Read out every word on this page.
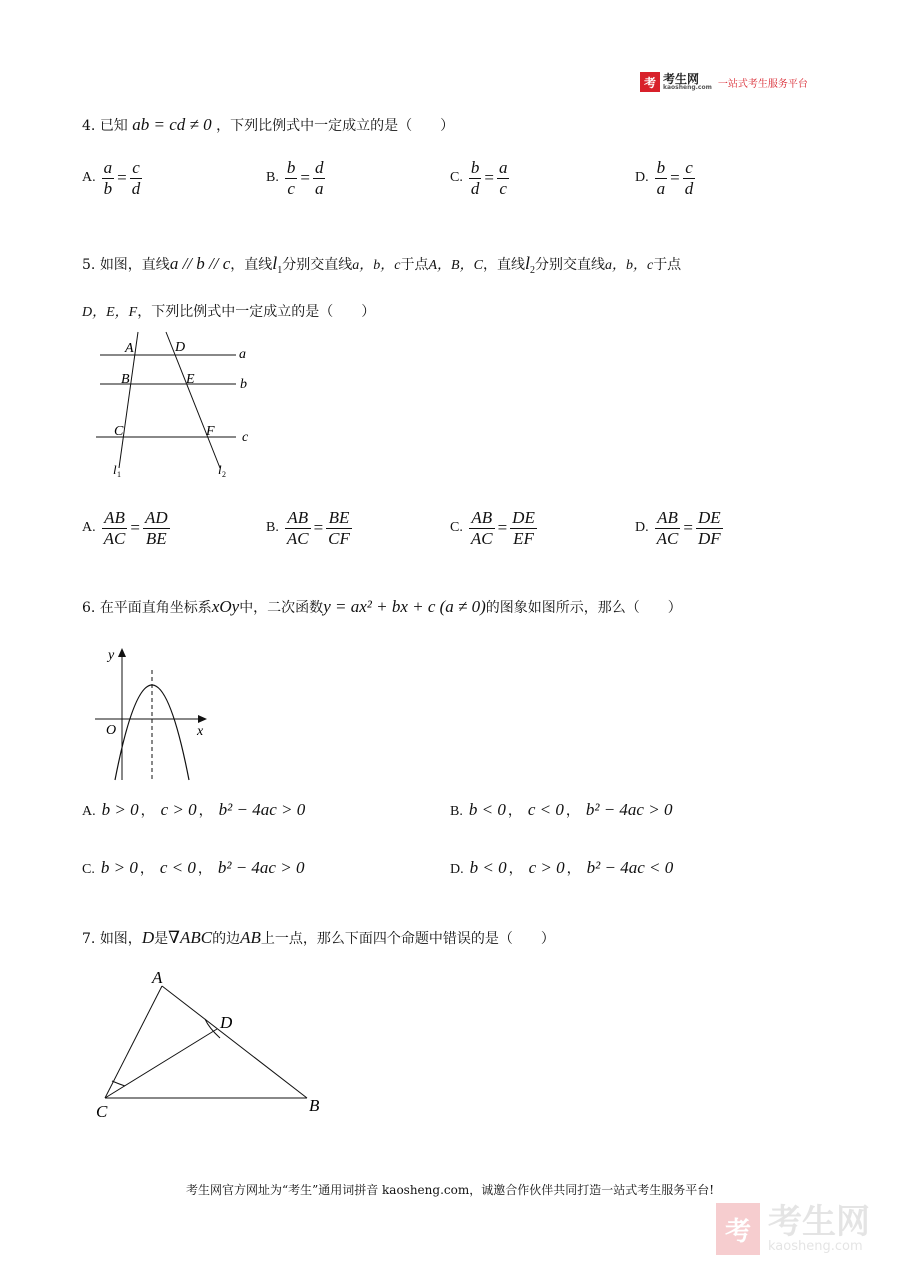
考 考生网
kaosheng.com 一站式考生服务平台
4. 已知 ab = cd ≠ 0 ，下列比例式中一定成立的是（　　）
A. $\frac{a}{b} = \frac{c}{d}$	B. $\frac{b}{c} = \frac{d}{a}$	C. $\frac{b}{d} = \frac{a}{c}$	D. $\frac{b}{a} = \frac{c}{d}$
5. 如图，直线a // b // c，直线$l_1$分别交直线a，b，c于点A，B，C，直线$l_2$分别交直线a，b，c于点
D，E，F，下列比例式中一定成立的是（　　）
A	D	a
B	E	b
C	F c
l 1	l 2
A. $\frac{AB}{AC} = \frac{AD}{BE}$	B. $\frac{AB}{AC} = \frac{BE}{CF}$	C. $\frac{AB}{AC} = \frac{DE}{EF}$	D. $\frac{AB}{AC} = \frac{DE}{DF}$
6. 在平面直角坐标系xOy中，二次函数y = ax² + bx + c (a ≠ 0)的图象如图所示，那么（　　）
y
x
O
A. b > 0 ， c > 0 ， b² − 4ac > 0	B. b < 0 ， c < 0 ， b² − 4ac > 0
C. b > 0 ， c < 0 ， b² − 4ac > 0	D. b < 0 ， c > 0 ， b² − 4ac < 0
7. 如图，D是∇ABC的边AB上一点，那么下面四个命题中错误的是（　　）
A
D
C	B
考生网官方网址为“考生”通用词拼音 kaosheng.com，诚邀合作伙伴共同打造一站式考生服务平台!
考 考生网
kaosheng.com
